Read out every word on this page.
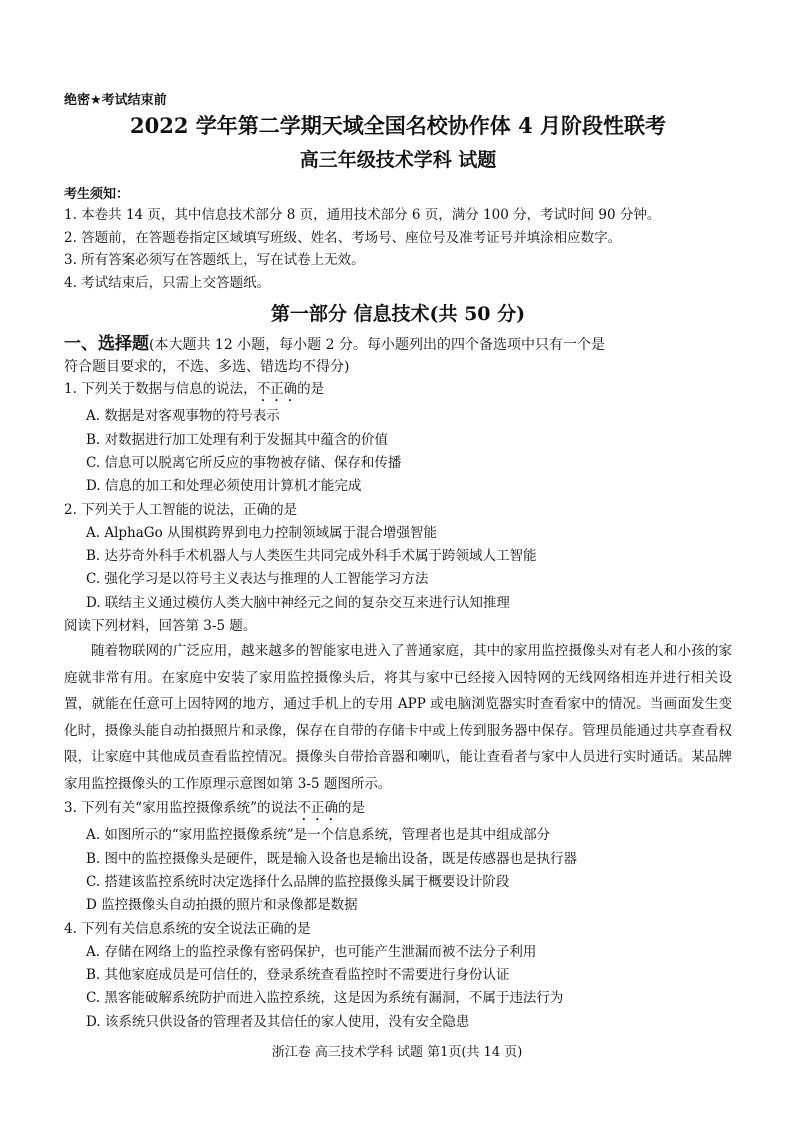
绝密★考试结束前
2022 学年第二学期天域全国名校协作体 4 月阶段性联考
高三年级技术学科 试题
考生须知：
1. 本卷共 14 页，其中信息技术部分 8 页，通用技术部分 6 页，满分 100 分，考试时间 90 分钟。
2. 答题前，在答题卷指定区域填写班级、姓名、考场号、座位号及准考证号并填涂相应数字。
3. 所有答案必须写在答题纸上，写在试卷上无效。
4. 考试结束后，只需上交答题纸。
第一部分 信息技术(共 50 分)
一、选择题(本大题共 12 小题，每小题 2 分。每小题列出的四个备选项中只有一个是
符合题目要求的，不选、多选、错选均不得分)
1. 下列关于数据与信息的说法，不正确的是
A. 数据是对客观事物的符号表示
B. 对数据进行加工处理有利于发掘其中蕴含的价值
C. 信息可以脱离它所反应的事物被存储、保存和传播
D. 信息的加工和处理必须使用计算机才能完成
2. 下列关于人工智能的说法，正确的是
A. AlphaGo 从围棋跨界到电力控制领域属于混合增强智能
B. 达芬奇外科手术机器人与人类医生共同完成外科手术属于跨领域人工智能
C. 强化学习是以符号主义表达与推理的人工智能学习方法
D. 联结主义通过模仿人类大脑中神经元之间的复杂交互来进行认知推理
阅读下列材料，回答第 3-5 题。
随着物联网的广泛应用，越来越多的智能家电进入了普通家庭，其中的家用监控摄像头对有老人和小孩的家庭就非常有用。在家庭中安装了家用监控摄像头后，将其与家中已经接入因特网的无线网络相连并进行相关设置，就能在任意可上因特网的地方，通过手机上的专用 APP 或电脑浏览器实时查看家中的情况。当画面发生变化时，摄像头能自动拍摄照片和录像，保存在自带的存储卡中或上传到服务器中保存。管理员能通过共享查看权限，让家庭中其他成员查看监控情况。摄像头自带拾音器和喇叭，能让查看者与家中人员进行实时通话。某品牌家用监控摄像头的工作原理示意图如第 3-5 题图所示。
3. 下列有关“家用监控摄像系统”的说法不正确的是
A. 如图所示的“家用监控摄像系统”是一个信息系统，管理者也是其中组成部分
B. 图中的监控摄像头是硬件，既是输入设备也是输出设备，既是传感器也是执行器
C. 搭建该监控系统时决定选择什么品牌的监控摄像头属于概要设计阶段
D 监控摄像头自动拍摄的照片和录像都是数据
4. 下列有关信息系统的安全说法正确的是
A. 存储在网络上的监控录像有密码保护，也可能产生泄漏而被不法分子利用
B. 其他家庭成员是可信任的，登录系统查看监控时不需要进行身份认证
C. 黑客能破解系统防护而进入监控系统，这是因为系统有漏洞，不属于违法行为
D. 该系统只供设备的管理者及其信任的家人使用，没有安全隐患
浙江卷 高三技术学科 试题 第1页(共 14 页)
